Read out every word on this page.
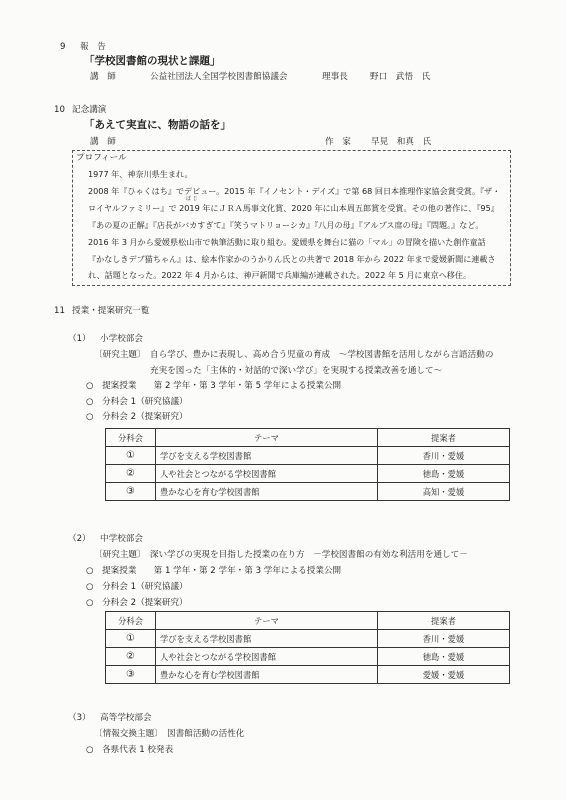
9 報　告
「学校図書館の現状と課題」
講　師	公益社団法人全国学校図書館協議会	理事長	野口　武悟　氏
10 記念講演
「あえて実直に、物語の話を」
講　師	作　家 早見　和真　氏
プロフィール
1977 年、神奈川県生まれ。
2008 年『ひゃくはち』でデビュー。2015 年『イノセント・デイズ』で第 68 回日本推理作家協会賞受賞。『ザ・
ば じ
ロイヤルファミリー』で 2019 年にＪＲＡ馬事文化賞、2020 年に山本周五郎賞を受賞。その他の著作に、『95』
『あの夏の正解』『店長がバカすぎて』『笑うマトリョーシカ』『八月の母』『アルプス席の母』『問題。』など。
2016 年 3 月から愛媛県松山市で執筆活動に取り組む。愛媛県を舞台に猫の「マル」の冒険を描いた創作童話
『かなしきデブ猫ちゃん』は、絵本作家かのうかりん氏との共著で 2018 年から 2022 年まで愛媛新聞に連載さ
れ、話題となった。2022 年 4 月からは、神戸新聞で兵庫編が連載された。2022 年 5 月に東京へ移住。
11 授業・提案研究一覧
（1） 小学校部会
〔研究主題〕 自ら学び、豊かに表現し、高め合う児童の育成　～学校図書館を活用しながら言語活動の
充実を図った「主体的・対話的で深い学び」を実現する授業改善を通して～
○　提案授業　　第 2 学年・第 3 学年・第 5 学年による授業公開
○　分科会 1（研究協議）
○　分科会 2（提案研究）
分科会	テーマ	提案者
①	学びを支える学校図書館	香川・愛媛
②	人や社会とつながる学校図書館	徳島・愛媛
③	豊かな心を育む学校図書館	高知・愛媛
（2） 中学校部会
〔研究主題〕　深い学びの実現を目指した授業の在り方　－学校図書館の有効な利活用を通して－
○　提案授業　　第 1 学年・第 2 学年・第 3 学年による授業公開
○　分科会 1（研究協議）
○　分科会 2（提案研究）
分科会	テーマ	提案者
①	学びを支える学校図書館	香川・愛媛
②	人や社会とつながる学校図書館	徳島・愛媛
③	豊かな心を育む学校図書館	愛媛・愛媛
（3） 高等学校部会
〔情報交換主題〕　図書館活動の活性化
○　各県代表 1 校発表
